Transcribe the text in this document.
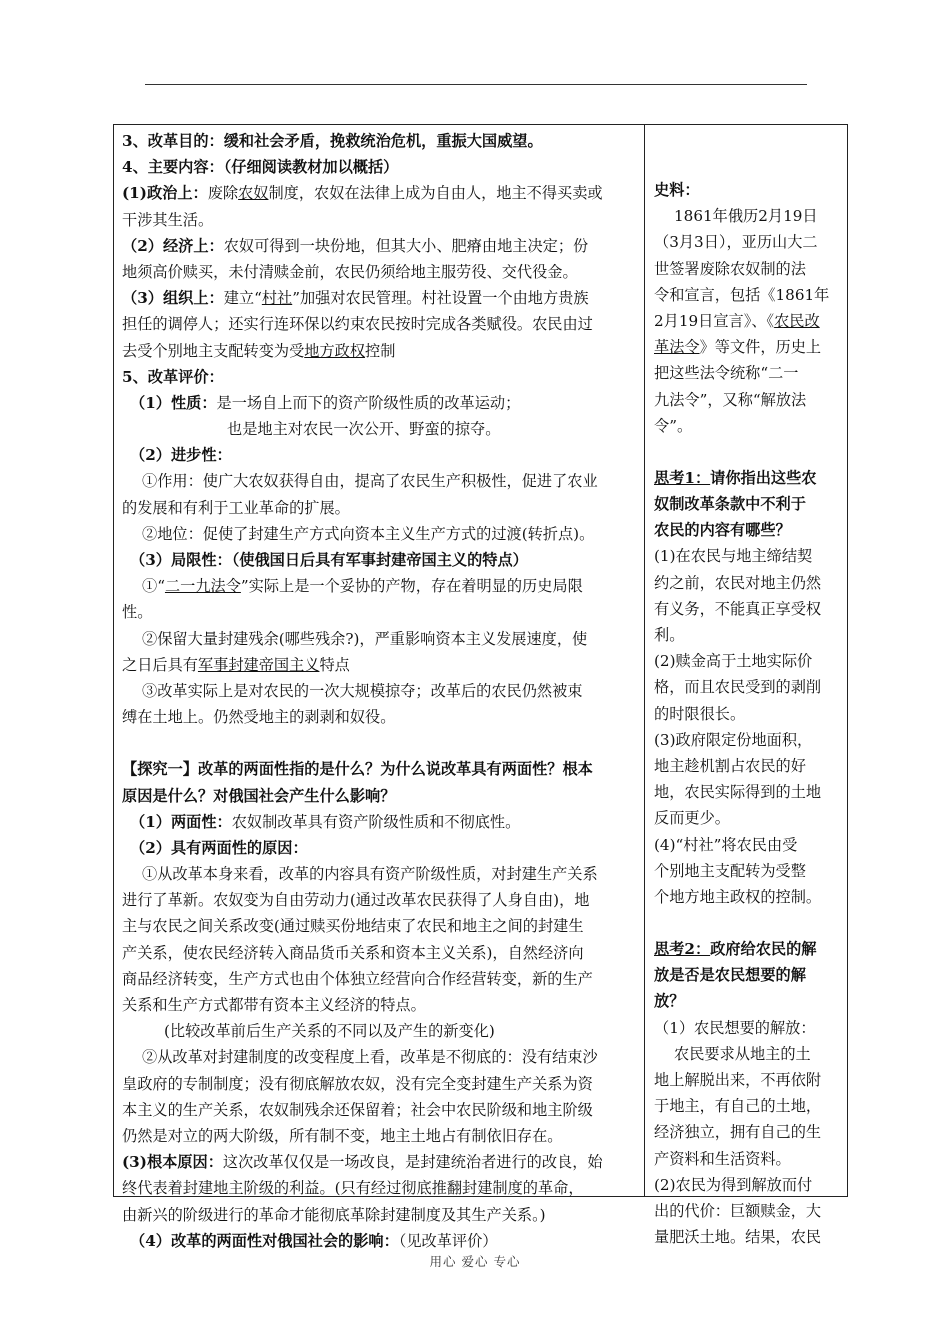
3、改革目的：缓和社会矛盾，挽救统治危机，重振大国威望。
4、主要内容：（仔细阅读教材加以概括）
(1)政治上：废除农奴制度，农奴在法律上成为自由人，地主不得买卖或
干涉其生活。
（2）经济上：农奴可得到一块份地，但其大小、肥瘠由地主决定；份
地须高价赎买，未付清赎金前，农民仍须给地主服劳役、交代役金。
（3）组织上：建立“村社”加强对农民管理。村社设置一个由地方贵族
担任的调停人；还实行连环保以约束农民按时完成各类赋役。农民由过
去受个别地主支配转变为受地方政权控制
5、改革评价：
（1）性质：是一场自上而下的资产阶级性质的改革运动；
也是地主对农民一次公开、野蛮的掠夺。
（2）进步性：
①作用：使广大农奴获得自由，提高了农民生产积极性，促进了农业
的发展和有利于工业革命的扩展。
②地位：促使了封建生产方式向资本主义生产方式的过渡(转折点)。
（3）局限性：（使俄国日后具有军事封建帝国主义的特点）
①“二一九法令”实际上是一个妥协的产物，存在着明显的历史局限
性。
②保留大量封建残余(哪些残余?)，严重影响资本主义发展速度，使
之日后具有军事封建帝国主义特点
③改革实际上是对农民的一次大规模掠夺；改革后的农民仍然被束
缚在土地上。仍然受地主的剥剥和奴役。
【探究一】改革的两面性指的是什么？为什么说改革具有两面性？根本
原因是什么？对俄国社会产生什么影响？
（1）两面性：农奴制改革具有资产阶级性质和不彻底性。
（2）具有两面性的原因：
①从改革本身来看，改革的内容具有资产阶级性质，对封建生产关系
进行了革新。农奴变为自由劳动力(通过改革农民获得了人身自由)，地
主与农民之间关系改变(通过赎买份地结束了农民和地主之间的封建生
产关系，使农民经济转入商品货币关系和资本主义关系)，自然经济向
商品经济转变，生产方式也由个体独立经营向合作经营转变，新的生产
关系和生产方式都带有资本主义经济的特点。
(比较改革前后生产关系的不同以及产生的新变化)
②从改革对封建制度的改变程度上看，改革是不彻底的：没有结束沙
皇政府的专制制度；没有彻底解放农奴，没有完全变封建生产关系为资
本主义的生产关系，农奴制残余还保留着；社会中农民阶级和地主阶级
仍然是对立的两大阶级，所有制不变，地主土地占有制依旧存在。
(3)根本原因：这次改革仅仅是一场改良，是封建统治者进行的改良，始
终代表着封建地主阶级的利益。(只有经过彻底推翻封建制度的革命，
由新兴的阶级进行的革命才能彻底革除封建制度及其生产关系。)
（4）改革的两面性对俄国社会的影响：（见改革评价）
史料：
1861年俄历2月19日
（3月3日），亚历山大二
世签署废除农奴制的法
令和宣言，包括《1861年
2月19日宣言》、《农民改
革法令》等文件，历史上
把这些法令统称“二一
九法令”，又称“解放法
令”。
思考1：请你指出这些农
奴制改革条款中不利于
农民的内容有哪些？
(1)在农民与地主缔结契
约之前，农民对地主仍然
有义务，不能真正享受权
利。
(2)赎金高于土地实际价
格，而且农民受到的剥削
的时限很长。
(3)政府限定份地面积，
地主趁机割占农民的好
地，农民实际得到的土地
反而更少。
(4)“村社”将农民由受
个别地主支配转为受整
个地方地主政权的控制。
思考2：政府给农民的解
放是否是农民想要的解
放？
（1）农民想要的解放：
农民要求从地主的土
地上解脱出来，不再依附
于地主，有自己的土地，
经济独立，拥有自己的生
产资料和生活资料。
(2)农民为得到解放而付
出的代价：巨额赎金，大
量肥沃土地。结果，农民
用心 爱心 专心
